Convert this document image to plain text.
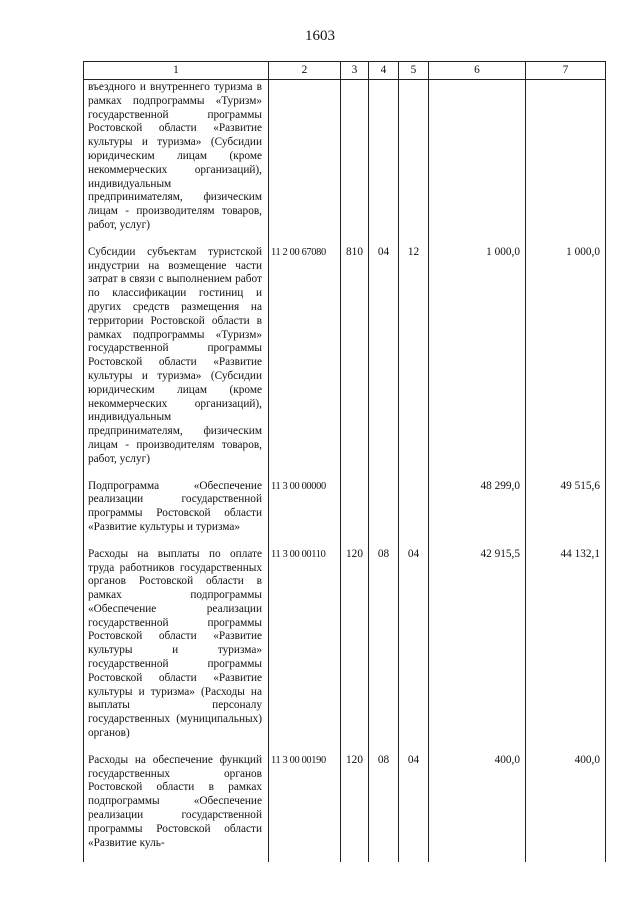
1603
1	2	3	4	5	6	7
въездного и внутреннего туризма в рамках подпрограммы «Туризм» государственной программы Ростовской области «Развитие культуры и туризма» (Субсидии юридическим лицам (кроме некоммерческих организаций), индивидуальным предпринимателям, физическим лицам - производителям товаров, работ, услуг)						
Субсидии субъектам туристской индустрии на возмещение части затрат в связи с выполнением работ по классификации гостиниц и других средств размещения на территории Ростовской области в рамках подпрограммы «Туризм» государственной программы Ростовской области «Развитие культуры и туризма» (Субсидии юридическим лицам (кроме некоммерческих организаций), индивидуальным предпринимателям, физическим лицам - производителям товаров, работ, услуг)	11 2 00 67080	810	04	12	1 000,0	1 000,0
Подпрограмма «Обеспечение реализации государственной программы Ростовской области «Развитие культуры и туризма»	11 3 00 00000				48 299,0	49 515,6
Расходы на выплаты по оплате труда работников государственных органов Ростовской области в рамках подпрограммы «Обеспечение реализации государственной программы Ростовской области «Развитие культуры и туризма» государственной программы Ростовской области «Развитие культуры и туризма» (Расходы на выплаты персоналу государственных (муниципальных) органов)	11 3 00 00110	120	08	04	42 915,5	44 132,1
Расходы на обеспечение функций государственных органов Ростовской области в рамках подпрограммы «Обеспечение реализации государственной программы Ростовской области «Развитие куль-	11 3 00 00190	120	08	04	400,0	400,0
